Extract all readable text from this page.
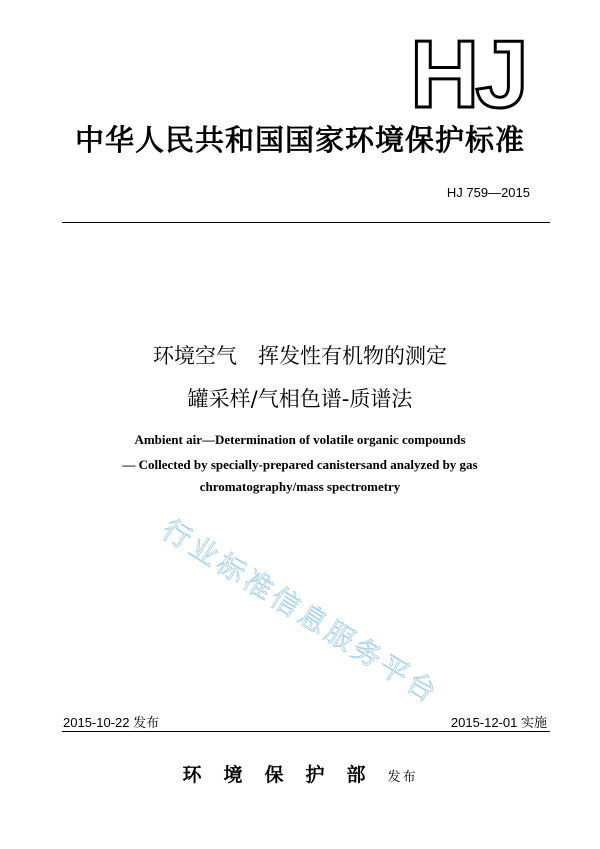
HJ
中华人民共和国国家环境保护标准
HJ 759—2015
环境空气　挥发性有机物的测定
罐采样/气相色谱-质谱法
Ambient air—Determination of volatile organic compounds
— Collected by specially-prepared canistersand analyzed by gas
chromatography/mass spectrometry
行业标准信息服务平台
2015-10-22 发布	2015-12-01 实施
环境保护部发布
